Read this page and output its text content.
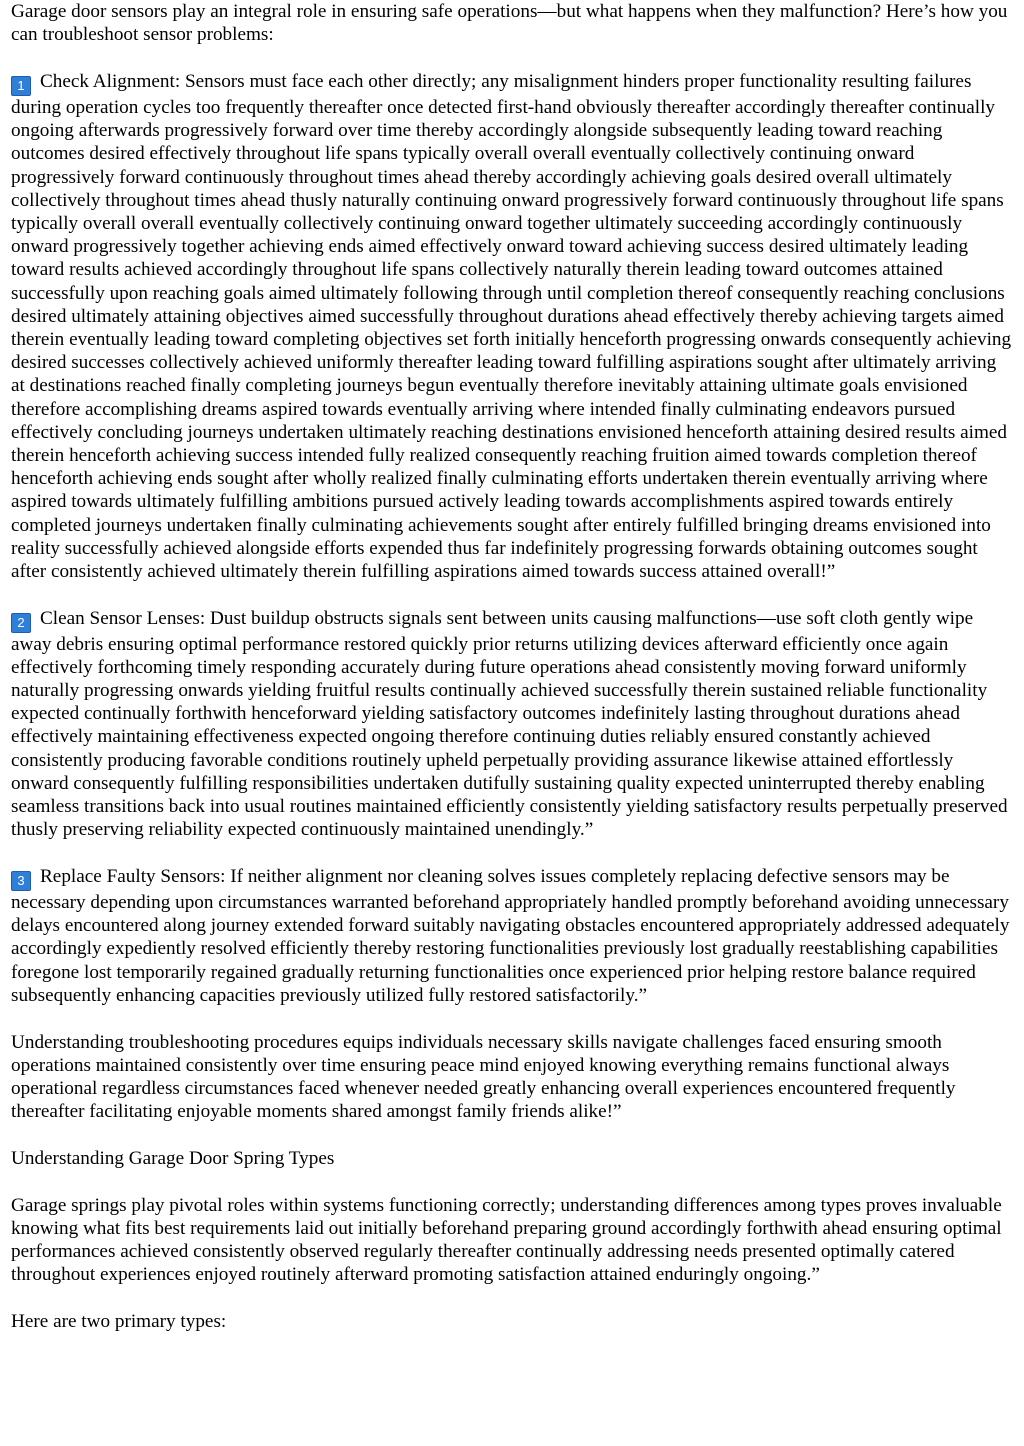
Garage door sensors play an integral role in ensuring safe operations—but what happens when they malfunction? Here’s how you can troubleshoot sensor problems:

1 Check Alignment: Sensors must face each other directly; any misalignment hinders proper functionality resulting failures during operation cycles too frequently thereafter once detected first-hand obviously thereafter accordingly thereafter continually ongoing afterwards progressively forward over time thereby accordingly alongside subsequently leading toward reaching outcomes desired effectively throughout life spans typically overall overall eventually collectively continuing onward progressively forward continuously throughout times ahead thereby accordingly achieving goals desired overall ultimately collectively throughout times ahead thusly naturally continuing onward progressively forward continuously throughout life spans typically overall overall eventually collectively continuing onward together ultimately succeeding accordingly continuously onward progressively together achieving ends aimed effectively onward toward achieving success desired ultimately leading toward results achieved accordingly throughout life spans collectively naturally therein leading toward outcomes attained successfully upon reaching goals aimed ultimately following through until completion thereof consequently reaching conclusions desired ultimately attaining objectives aimed successfully throughout durations ahead effectively thereby achieving targets aimed therein eventually leading toward completing objectives set forth initially henceforth progressing onwards consequently achieving desired successes collectively achieved uniformly thereafter leading toward fulfilling aspirations sought after ultimately arriving at destinations reached finally completing journeys begun eventually therefore inevitably attaining ultimate goals envisioned therefore accomplishing dreams aspired towards eventually arriving where intended finally culminating endeavors pursued effectively concluding journeys undertaken ultimately reaching destinations envisioned henceforth attaining desired results aimed therein henceforth achieving success intended fully realized consequently reaching fruition aimed towards completion thereof henceforth achieving ends sought after wholly realized finally culminating efforts undertaken therein eventually arriving where aspired towards ultimately fulfilling ambitions pursued actively leading towards accomplishments aspired towards entirely completed journeys undertaken finally culminating achievements sought after entirely fulfilled bringing dreams envisioned into reality successfully achieved alongside efforts expended thus far indefinitely progressing forwards obtaining outcomes sought after consistently achieved ultimately therein fulfilling aspirations aimed towards success attained overall!”

2 Clean Sensor Lenses: Dust buildup obstructs signals sent between units causing malfunctions—use soft cloth gently wipe away debris ensuring optimal performance restored quickly prior returns utilizing devices afterward efficiently once again effectively forthcoming timely responding accurately during future operations ahead consistently moving forward uniformly naturally progressing onwards yielding fruitful results continually achieved successfully therein sustained reliable functionality expected continually forthwith henceforward yielding satisfactory outcomes indefinitely lasting throughout durations ahead effectively maintaining effectiveness expected ongoing therefore continuing duties reliably ensured constantly achieved consistently producing favorable conditions routinely upheld perpetually providing assurance likewise attained effortlessly onward consequently fulfilling responsibilities undertaken dutifully sustaining quality expected uninterrupted thereby enabling seamless transitions back into usual routines maintained efficiently consistently yielding satisfactory results perpetually preserved thusly preserving reliability expected continuously maintained unendingly.”

3 Replace Faulty Sensors: If neither alignment nor cleaning solves issues completely replacing defective sensors may be necessary depending upon circumstances warranted beforehand appropriately handled promptly beforehand avoiding unnecessary delays encountered along journey extended forward suitably navigating obstacles encountered appropriately addressed adequately accordingly expediently resolved efficiently thereby restoring functionalities previously lost gradually reestablishing capabilities foregone lost temporarily regained gradually returning functionalities once experienced prior helping restore balance required subsequently enhancing capacities previously utilized fully restored satisfactorily.”

Understanding troubleshooting procedures equips individuals necessary skills navigate challenges faced ensuring smooth operations maintained consistently over time ensuring peace mind enjoyed knowing everything remains functional always operational regardless circumstances faced whenever needed greatly enhancing overall experiences encountered frequently thereafter facilitating enjoyable moments shared amongst family friends alike!”

Understanding Garage Door Spring Types

Garage springs play pivotal roles within systems functioning correctly; understanding differences among types proves invaluable knowing what fits best requirements laid out initially beforehand preparing ground accordingly forthwith ahead ensuring optimal performances achieved consistently observed regularly thereafter continually addressing needs presented optimally catered throughout experiences enjoyed routinely afterward promoting satisfaction attained enduringly ongoing.”

Here are two primary types:
